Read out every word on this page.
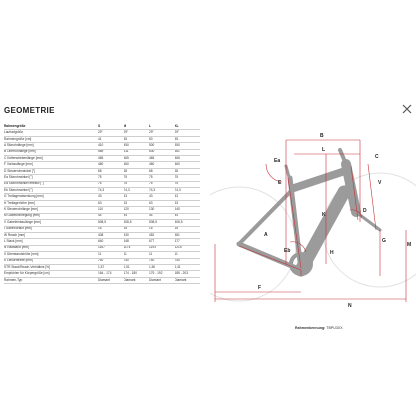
GEOMETRIE
Rahmengröße	S	M	L	XL
Laufradgröße	29"	29"	29"	29"
Rahmengröße [cm]	41	45	50	55
A Sitzrohrlänge [mm]	410	450	500	550
B Oberrohrlänge [mm]	589	611	630	661
C Kettenstrebenlänge [mm]	465	465	465	465
F Vorbaulänge [mm]	460	460	460	460
D Steuerrohrwinkel [°]	68	68	68	68
Ea Sitzrohrwinkel [°]	75	75	75	75
Ea Sitzrohrwinkel effektiv [°]	75	75	75	75
Eb Sitzrohrwinkel [°]	74,3	74,3	74,3	74,3
G Tretlagerabsenkung [mm]	43	43	43	43
H Tretlagerhöhe [mm]	63	63	63	63
K Steuerrohrlänge [mm]	110	120	130	140
M Gabelvorbiegung [mm]	44	44	44	44
V Gabeleinbaulänge [mm]	508,5	508,5	508,5	508,5
I Gabelvorlauf [mm]	15	15	15	15
W Reach [mm]	408	430	452	481
L Stack [mm]	640	648	677	677
N Radstand [mm]	1167	1174	1193	1215
X Überstandshöhe [mm]	11	11	11	11
K Lenkerbreite [mm]	740	740	740	740
STR Stack/Reach-Verhältnis [%]	1,57	1,51	1,50	1,41
Empfohlen für Körpergröße [cm]	164 - 174	174 - 180	179 - 192	185 - 203
Rahmen-Typ	Diamant	Diamant	Diamant	Diamant
B
Ea
L
E
D
K
C
V
H
G
M
Eb
A
F
N
Rahmenkennung: TBPU3XX
